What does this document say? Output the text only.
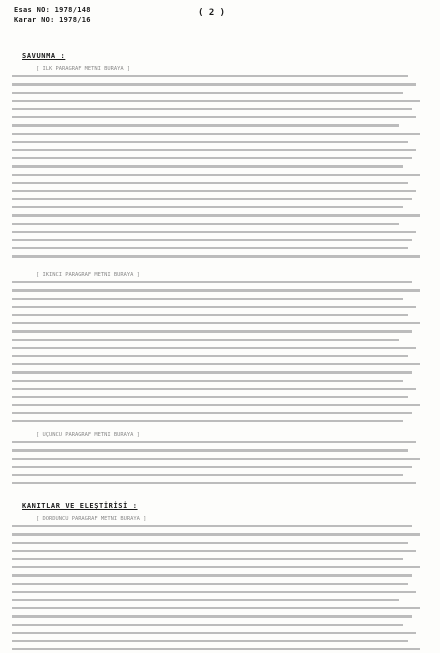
Esas NO: 1978/148
Karar NO: 1978/16
( 2 )
SAVUNMA :
[ İLK PARAGRAF METNİ BURAYA ]
[ İKİNCİ PARAGRAF METNİ BURAYA ]
[ ÜÇÜNCÜ PARAGRAF METNİ BURAYA ]
KANITLAR VE ELEŞTİRİSİ :
[ DÖRDÜNCÜ PARAGRAF METNİ BURAYA ]
